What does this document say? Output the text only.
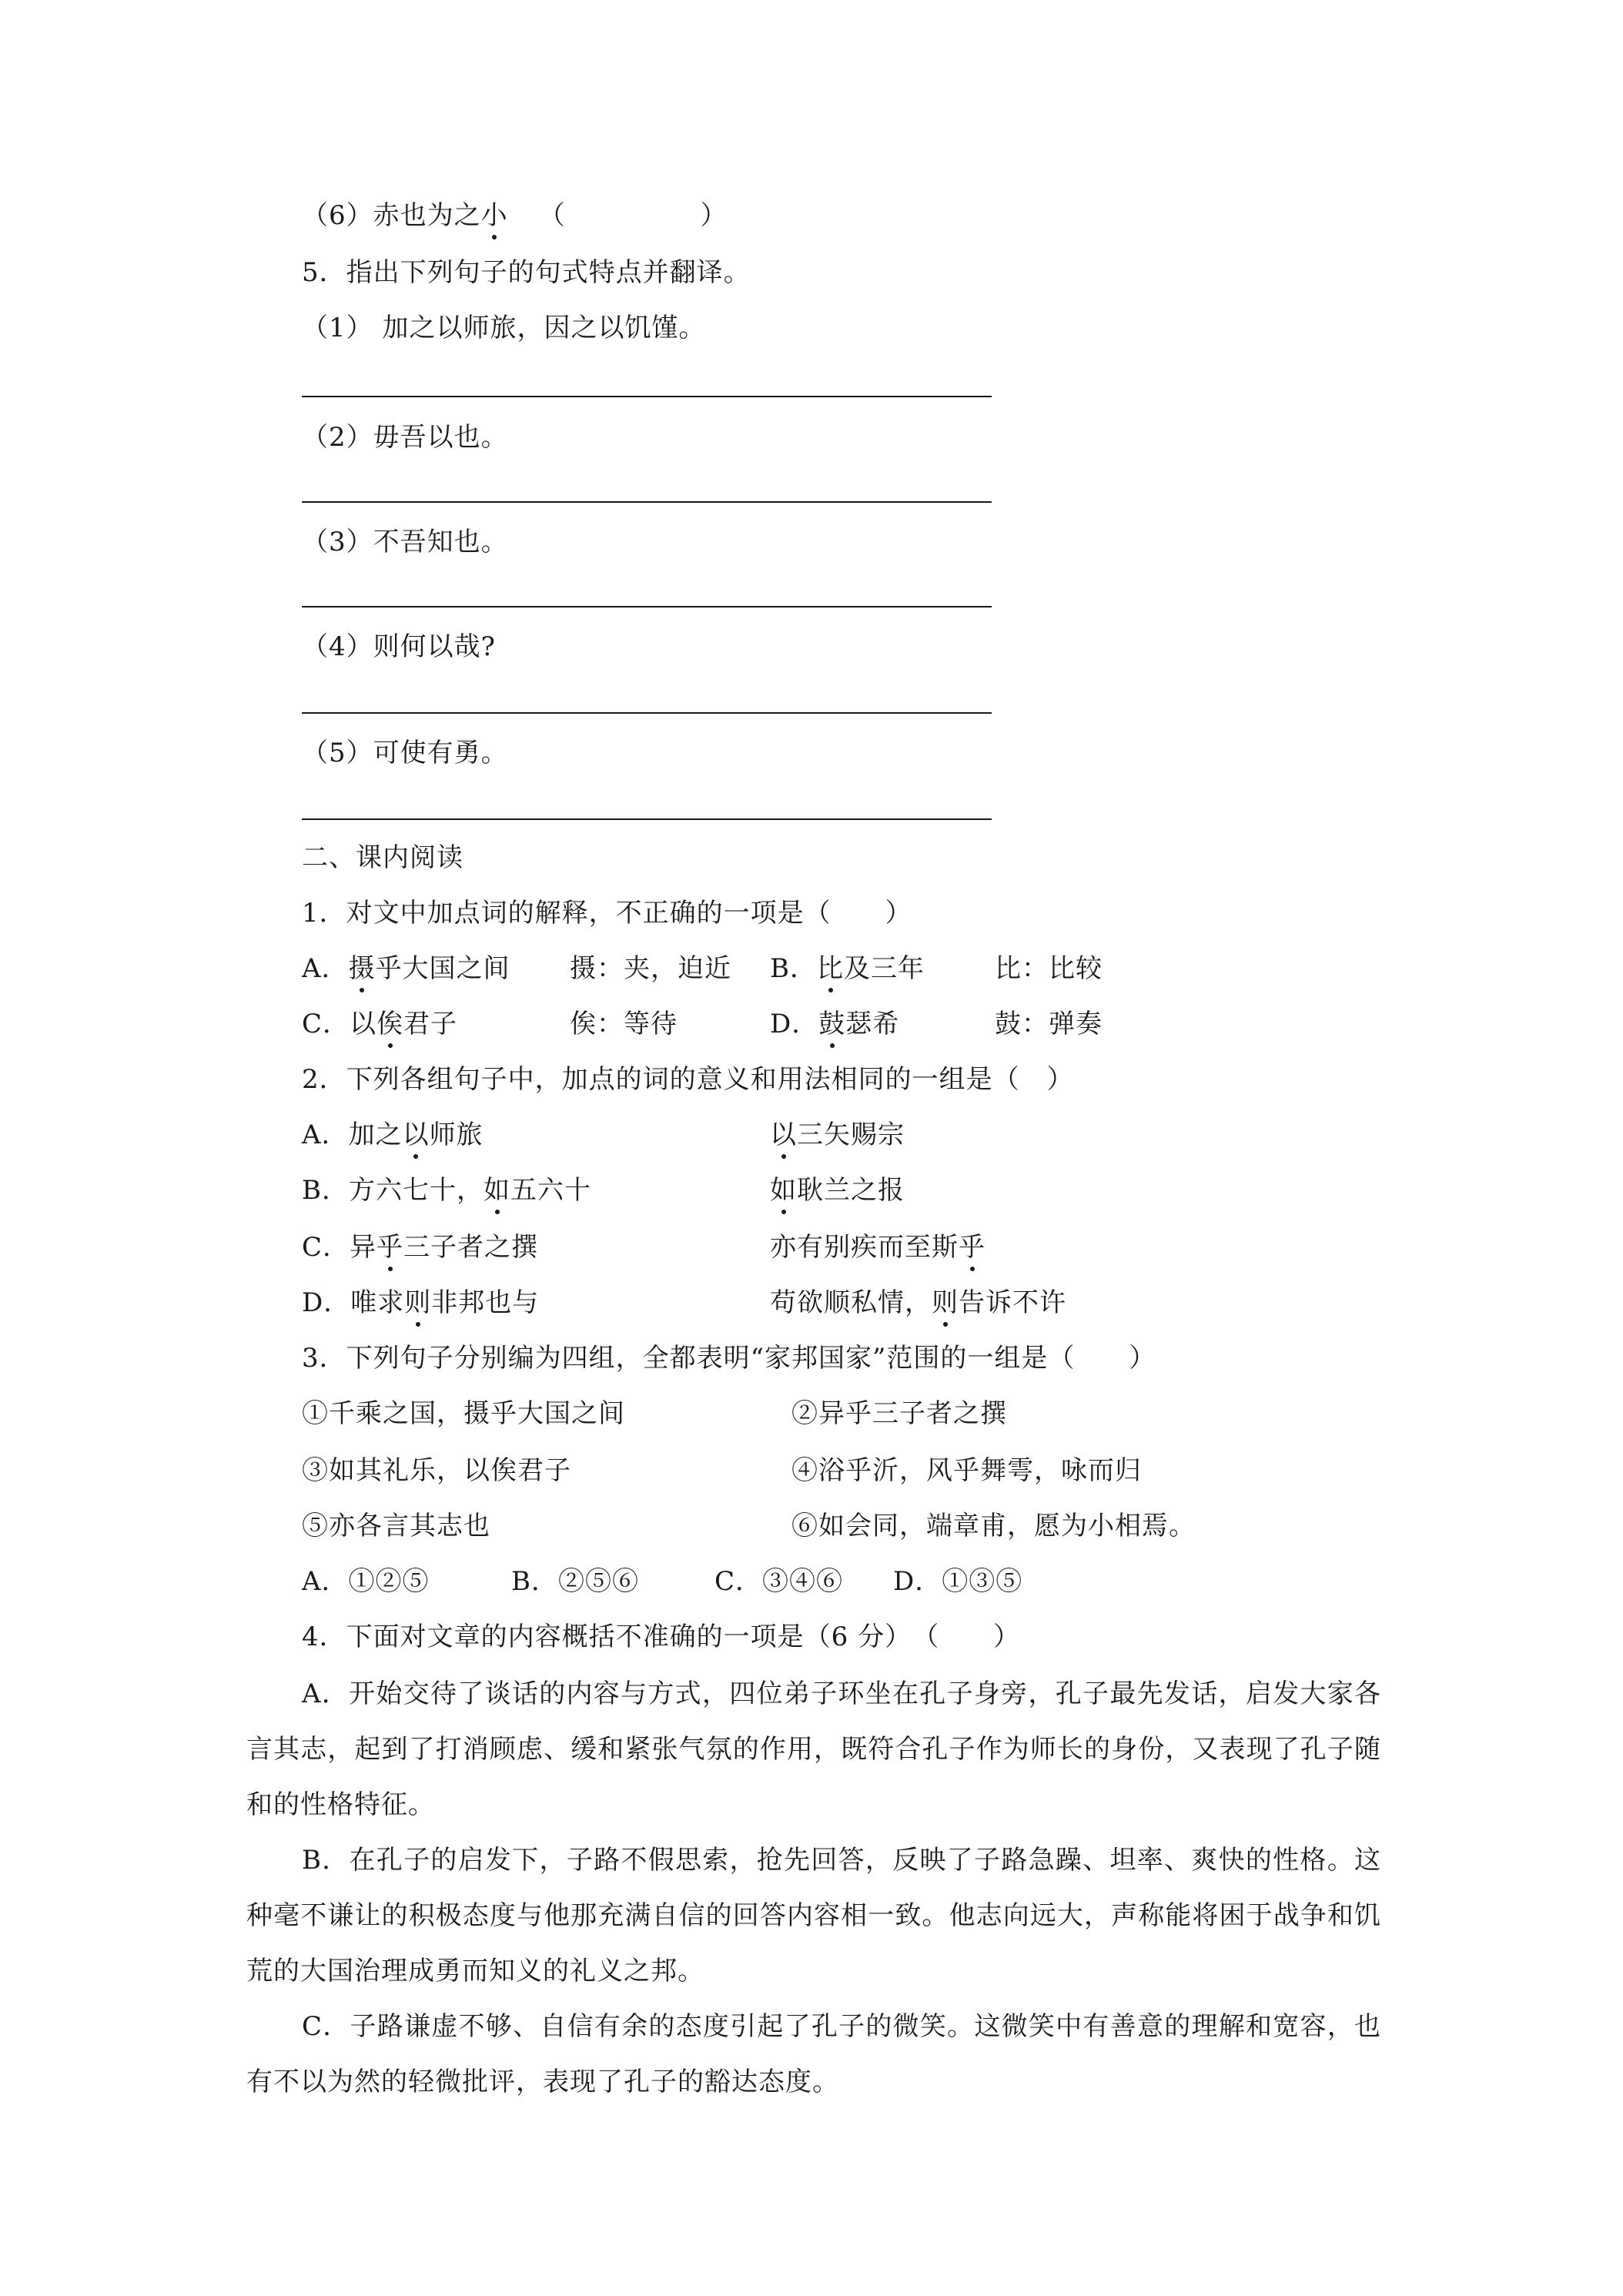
（6）赤也为之小 （　　　　　）
5．指出下列句子的句式特点并翻译。
（1） 加之以师旅，因之以饥馑。
（2）毋吾以也。
（3）不吾知也。
（4）则何以哉?
（5）可使有勇。
二、课内阅读
1．对文中加点词的解释，不正确的一项是（　　）
A．摄乎大国之间 摄：夹，迫近 B．比及三年	比：比较
C．以俟君子	俟：等待	D．鼓瑟希	鼓：弹奏
2．下列各组句子中，加点的词的意义和用法相同的一组是（　）
A．加之以师旅	以三矢赐宗
B．方六七十，如五六十	如耿兰之报
C．异乎三子者之撰	亦有别疾而至斯乎
D．唯求则非邦也与	苟欲顺私情，则告诉不许
3．下列句子分别编为四组，全都表明“家邦国家”范围的一组是（　　）
①千乘之国，摄乎大国之间	②异乎三子者之撰
③如其礼乐，以俟君子	④浴乎沂，风乎舞雩，咏而归
⑤亦各言其志也	⑥如会同，端章甫，愿为小相焉。
A．①②⑤	B．②⑤⑥	C．③④⑥ D．①③⑤
4．下面对文章的内容概括不准确的一项是（6 分）　（　　）
A．开始交待了谈话的内容与方式，四位弟子环坐在孔子身旁，孔子最先发话，启发大家各言其志，起到了打消顾虑、缓和紧张气氛的作用，既符合孔子作为师长的身份，又表现了孔子随和的性格特征。
B．在孔子的启发下，子路不假思索，抢先回答，反映了子路急躁、坦率、爽快的性格。这种毫不谦让的积极态度与他那充满自信的回答内容相一致。他志向远大，声称能将困于战争和饥荒的大国治理成勇而知义的礼义之邦。
C．子路谦虚不够、自信有余的态度引起了孔子的微笑。这微笑中有善意的理解和宽容，也有不以为然的轻微批评，表现了孔子的豁达态度。
